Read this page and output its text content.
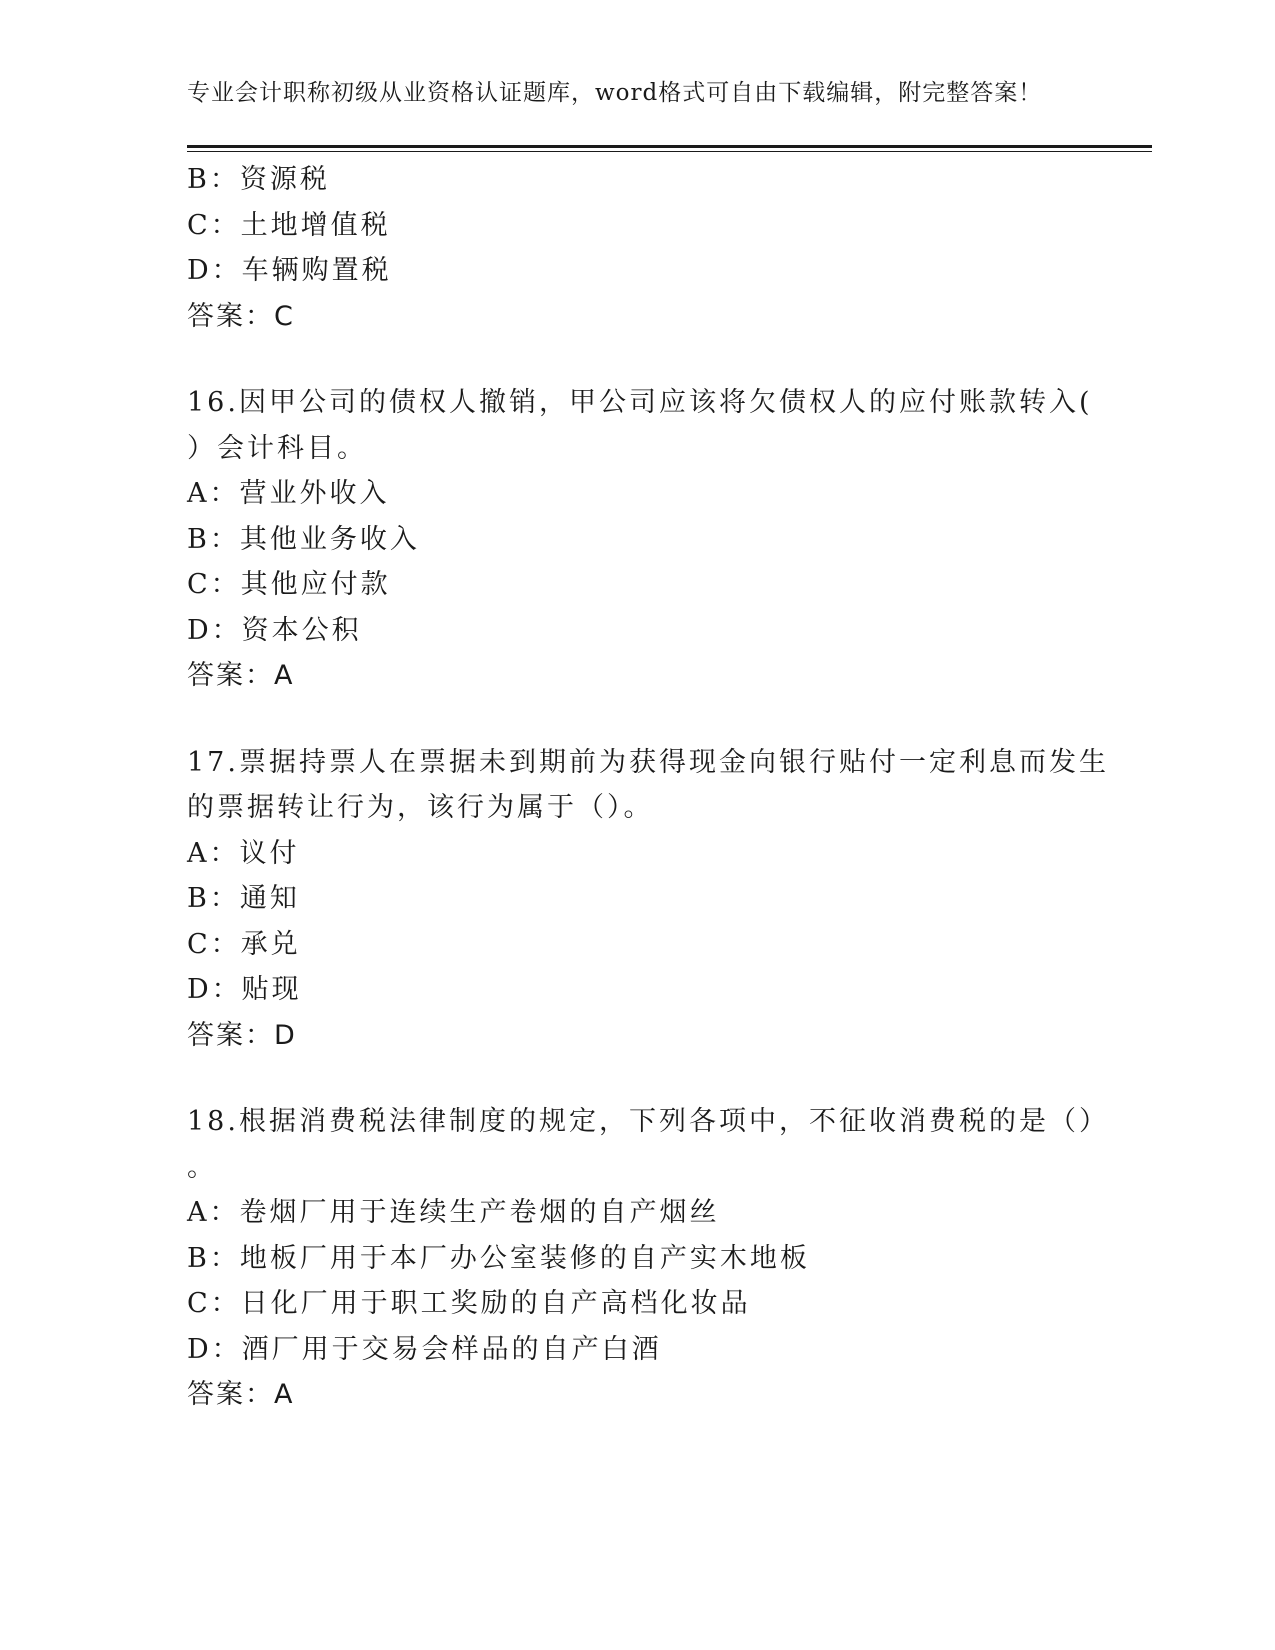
专业会计职称初级从业资格认证题库，word格式可自由下载编辑，附完整答案！
B：资源税
C：土地增值税
D：车辆购置税
答案：C
16.因甲公司的债权人撤销，甲公司应该将欠债权人的应付账款转入(
）会计科目。
A：营业外收入
B：其他业务收入
C：其他应付款
D：资本公积
答案：A
17.票据持票人在票据未到期前为获得现金向银行贴付一定利息而发生
的票据转让行为，该行为属于（）。
A：议付
B：通知
C：承兑
D：贴现
答案：D
18.根据消费税法律制度的规定，下列各项中，不征收消费税的是（）
。
A：卷烟厂用于连续生产卷烟的自产烟丝
B：地板厂用于本厂办公室装修的自产实木地板
C：日化厂用于职工奖励的自产高档化妆品
D：酒厂用于交易会样品的自产白酒
答案：A
